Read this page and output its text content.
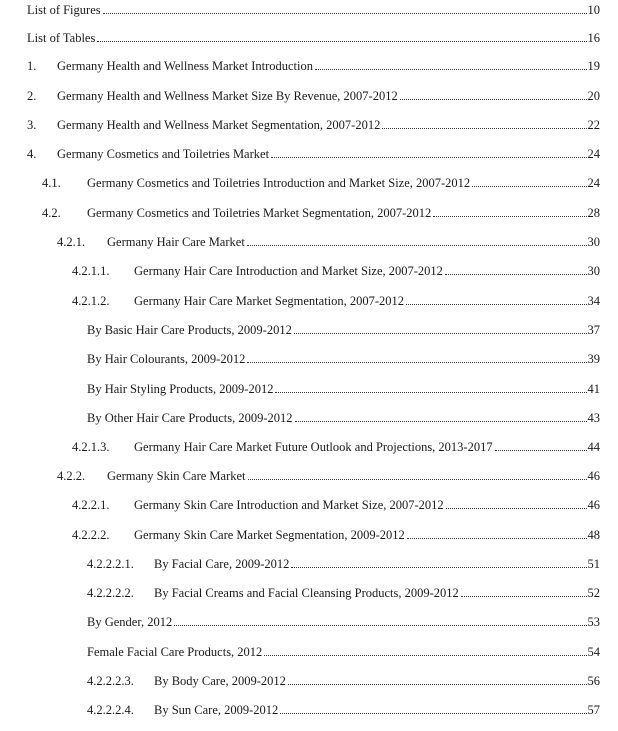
List of Figures	10
List of Tables	16
1.	Germany Health and Wellness Market Introduction	19
2.	Germany Health and Wellness Market Size By Revenue, 2007-2012	20
3.	Germany Health and Wellness Market Segmentation, 2007-2012	22
4.	Germany Cosmetics and Toiletries Market	24
4.1.	Germany Cosmetics and Toiletries Introduction and Market Size, 2007-2012	24
4.2.	Germany Cosmetics and Toiletries Market Segmentation, 2007-2012	28
4.2.1.	Germany Hair Care Market	30
4.2.1.1.	Germany Hair Care Introduction and Market Size, 2007-2012	30
4.2.1.2.	Germany Hair Care Market Segmentation, 2007-2012	34
By Basic Hair Care Products, 2009-2012	37
By Hair Colourants, 2009-2012	39
By Hair Styling Products, 2009-2012	41
By Other Hair Care Products, 2009-2012	43
4.2.1.3.	Germany Hair Care Market Future Outlook and Projections, 2013-2017	44
4.2.2.	Germany Skin Care Market	46
4.2.2.1.	Germany Skin Care Introduction and Market Size, 2007-2012	46
4.2.2.2.	Germany Skin Care Market Segmentation, 2009-2012	48
4.2.2.2.1.	By Facial Care, 2009-2012	51
4.2.2.2.2.	By Facial Creams and Facial Cleansing Products, 2009-2012	52
By Gender, 2012	53
Female Facial Care Products, 2012	54
4.2.2.2.3.	By Body Care, 2009-2012	56
4.2.2.2.4.	By Sun Care, 2009-2012	57
